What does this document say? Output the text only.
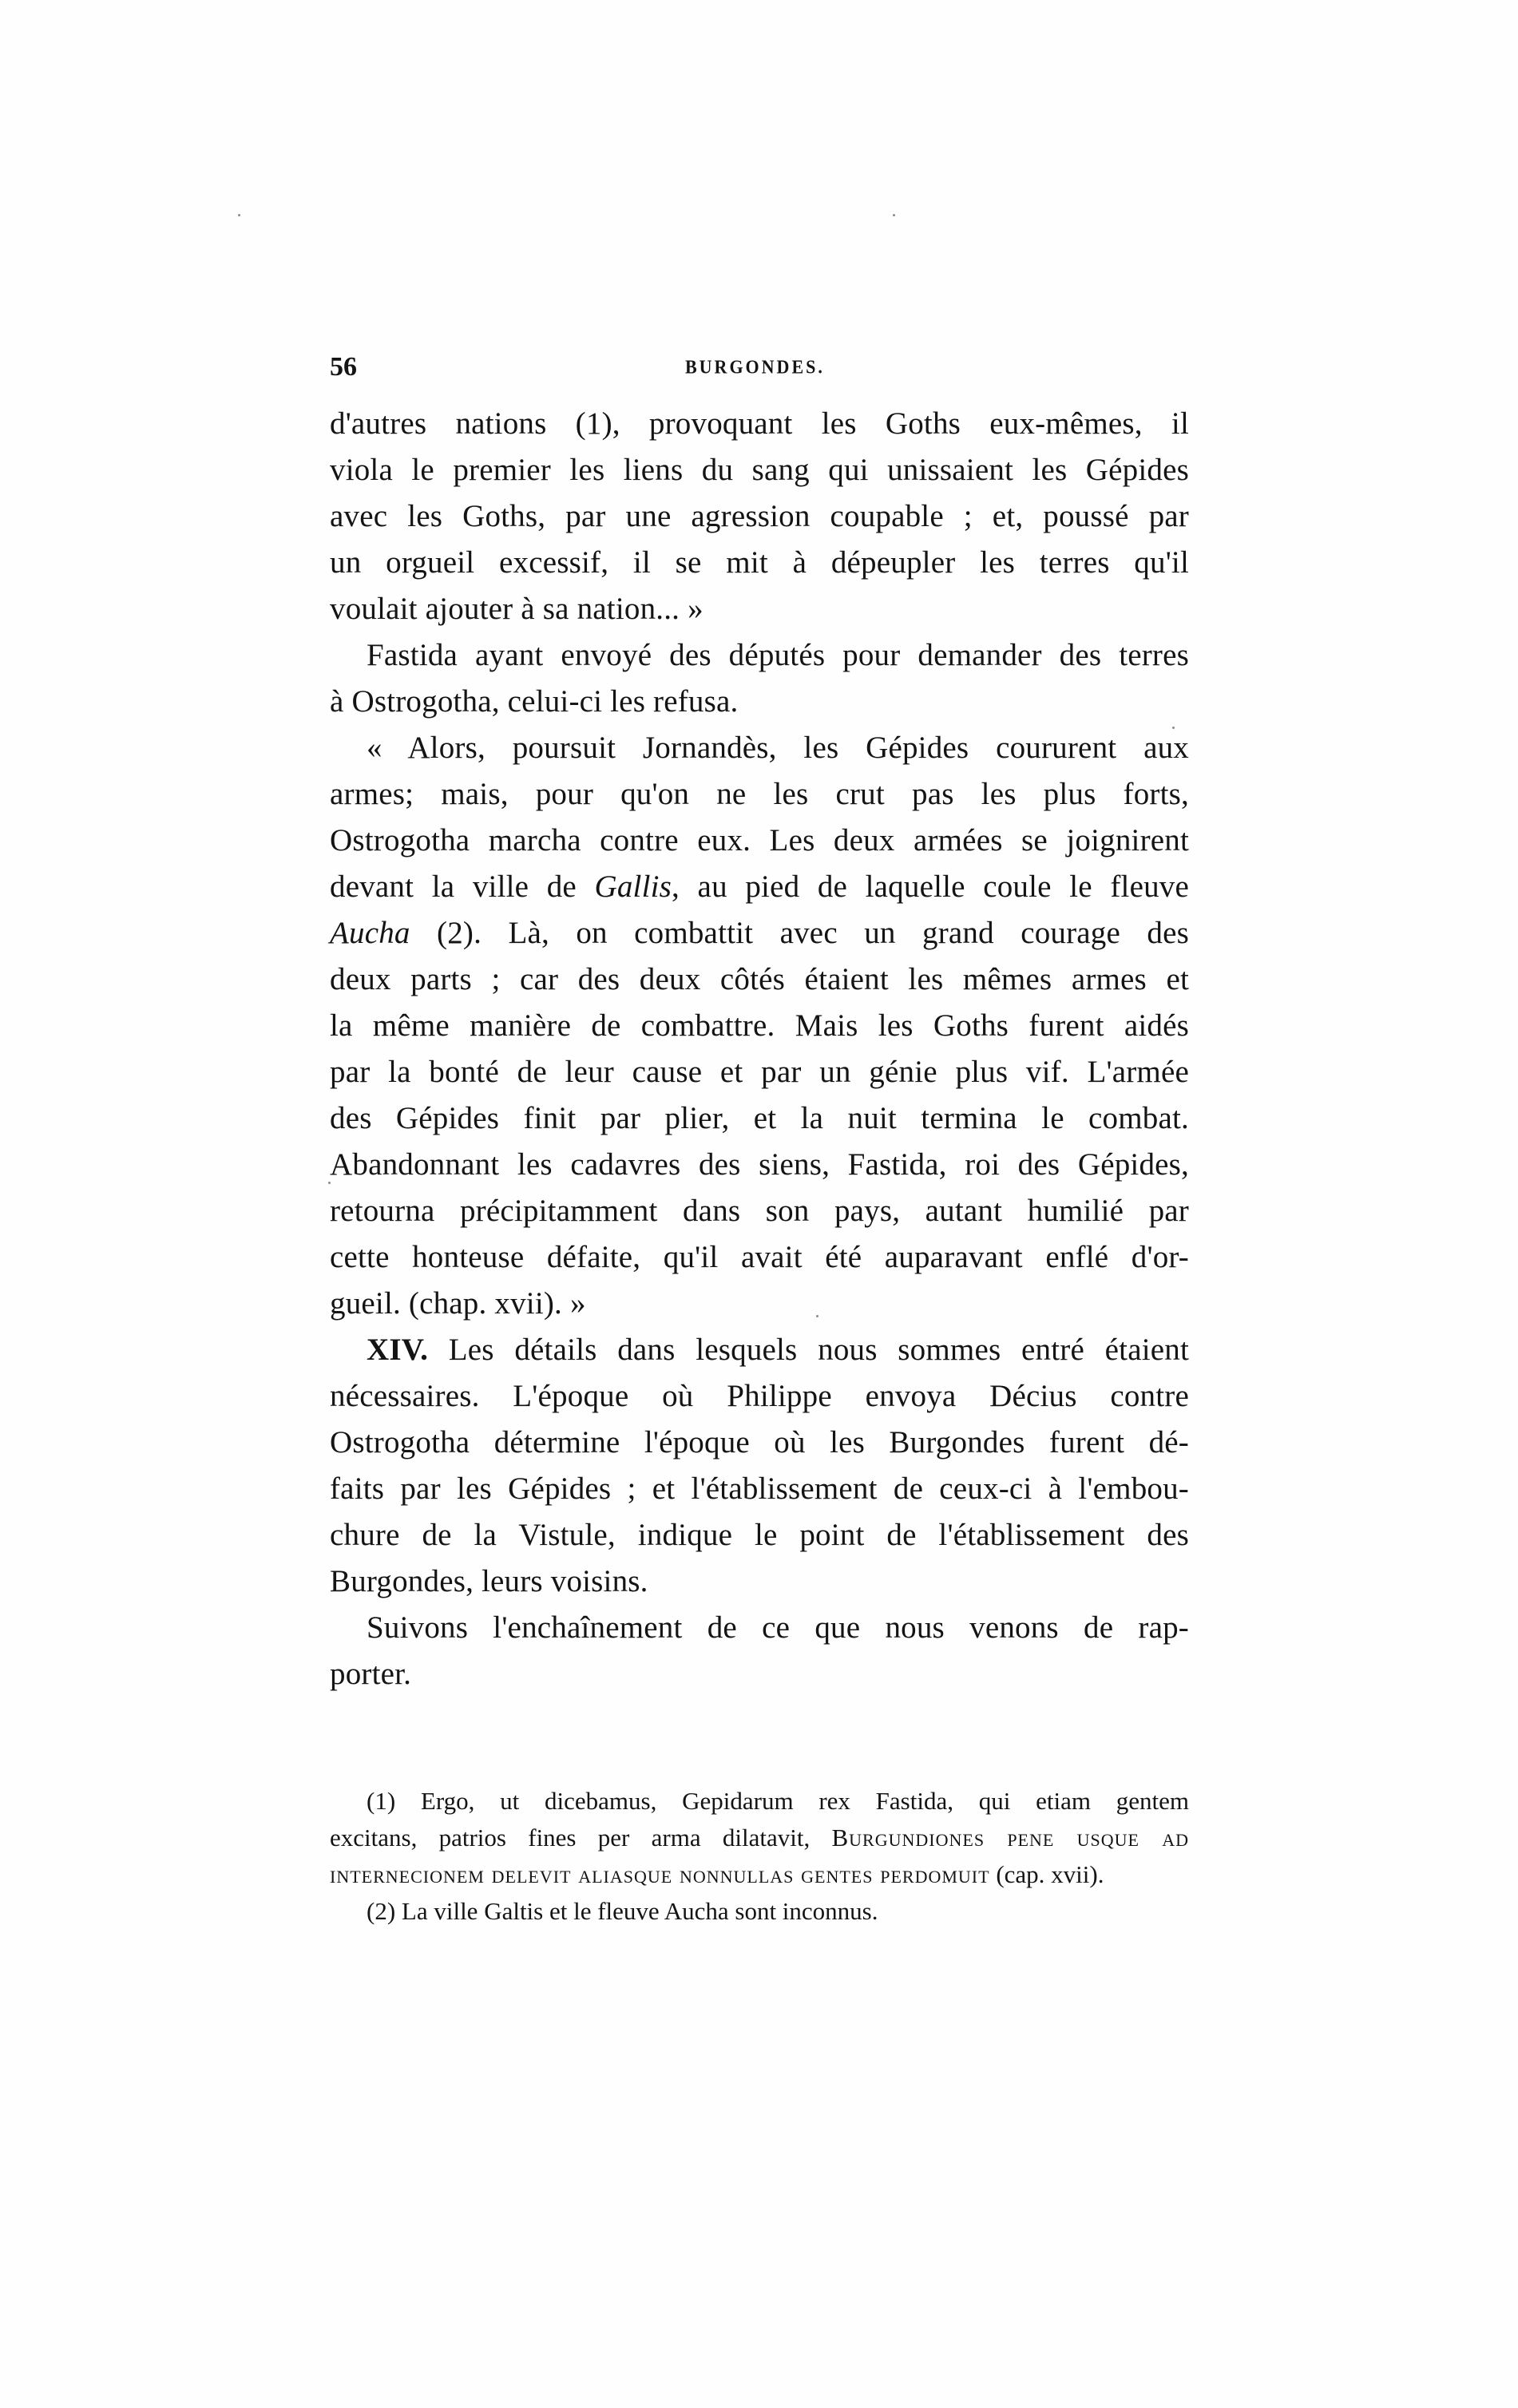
56	BURGONDES.
d'autres nations (1), provoquant les Goths eux-mêmes, il
viola le premier les liens du sang qui unissaient les Gépides
avec les Goths, par une agression coupable ; et, poussé par
un orgueil excessif, il se mit à dépeupler les terres qu'il
voulait ajouter à sa nation... »
Fastida ayant envoyé des députés pour demander des terres
à Ostrogotha, celui-ci les refusa.
« Alors, poursuit Jornandès, les Gépides coururent aux
armes; mais, pour qu'on ne les crut pas les plus forts,
Ostrogotha marcha contre eux. Les deux armées se joignirent
devant la ville de Gallis, au pied de laquelle coule le fleuve
Aucha (2). Là, on combattit avec un grand courage des
deux parts ; car des deux côtés étaient les mêmes armes et
la même manière de combattre. Mais les Goths furent aidés
par la bonté de leur cause et par un génie plus vif. L'armée
des Gépides finit par plier, et la nuit termina le combat.
Abandonnant les cadavres des siens, Fastida, roi des Gépides,
retourna précipitamment dans son pays, autant humilié par
cette honteuse défaite, qu'il avait été auparavant enflé d'or-
gueil. (chap. xvii). »
XIV. Les détails dans lesquels nous sommes entré étaient
nécessaires. L'époque où Philippe envoya Décius contre
Ostrogotha détermine l'époque où les Burgondes furent dé-
faits par les Gépides ; et l'établissement de ceux-ci à l'embou-
chure de la Vistule, indique le point de l'établissement des
Burgondes, leurs voisins.
Suivons l'enchaînement de ce que nous venons de rap-
porter.
(1) Ergo, ut dicebamus, Gepidarum rex Fastida, qui etiam gentem
excitans, patrios fines per arma dilatavit, Burgundiones pene usque ad
internecionem delevit aliasque nonnullas gentes perdomuit (cap. xvii).
(2) La ville Galtis et le fleuve Aucha sont inconnus.
